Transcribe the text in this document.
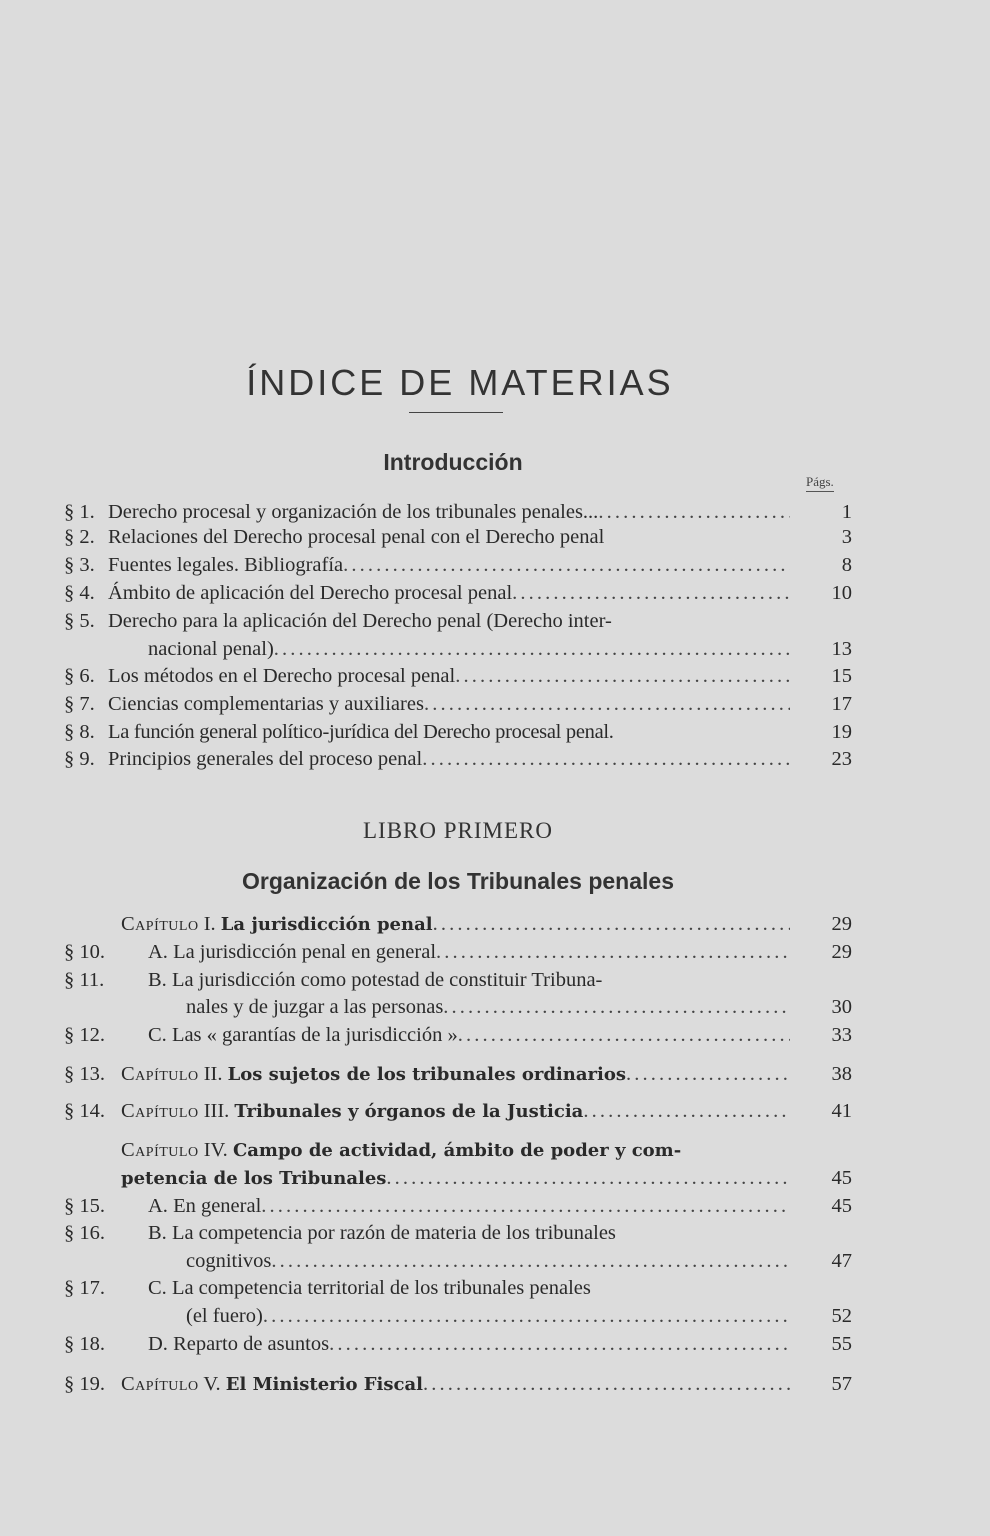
ÍNDICE DE MATERIAS
Introducción
Págs.
§ 1. Derecho procesal y organización de los tribunales penales... . . .	1
§ 2. Relaciones del Derecho procesal penal con el Derecho penal	3
§ 3. Fuentes legales. Bibliografía . . .	8
§ 4. Ámbito de aplicación del Derecho procesal penal . . .	10
§ 5. Derecho para la aplicación del Derecho penal (Derecho inter-
nacional penal) . . .	13
§ 6. Los métodos en el Derecho procesal penal . . .	15
§ 7. Ciencias complementarias y auxiliares . . .	17
§ 8. La función general político-jurídica del Derecho procesal penal.	19
§ 9. Principios generales del proceso penal . . .	23
LIBRO PRIMERO
Organización de los Tribunales penales
Capítulo I. La jurisdicción penal . . .	29
§ 10. A. La jurisdicción penal en general . . .	29
§ 11. B. La jurisdicción como potestad de constituir Tribuna-
nales y de juzgar a las personas . . .	30
§ 12. C. Las « garantías de la jurisdicción » . . .	33
§ 13. Capítulo II. Los sujetos de los tribunales ordinarios . . .	38
§ 14. Capítulo III. Tribunales y órganos de la Justicia . . .	41
Capítulo IV. Campo de actividad, ámbito de poder y com-
petencia de los Tribunales . . .	45
§ 15. A. En general . . .	45
§ 16. B. La competencia por razón de materia de los tribunales
cognitivos . . .	47
§ 17. C. La competencia territorial de los tribunales penales
(el fuero) . . .	52
§ 18. D. Reparto de asuntos . . .	55
§ 19. Capítulo V. El Ministerio Fiscal . . .	57
